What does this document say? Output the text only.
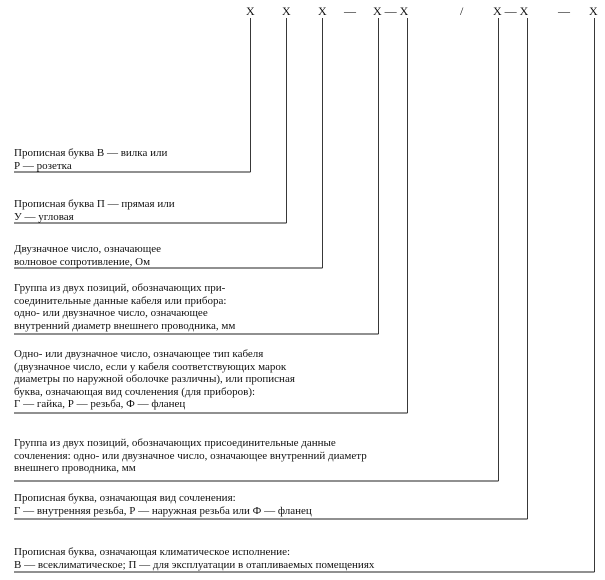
Х Х Х — Х — Х	/ Х — Х — Х
Прописная буква В — вилка или
Р — розетка
Прописная буква П — прямая или
У — угловая
Двузначное число, означающее
волновое сопротивление, Ом
Группа из двух позиций, обозначающих при-
соединительные данные кабеля или прибора:
одно- или двузначное число, означающее
внутренний диаметр внешнего проводника, мм
Одно- или двузначное число, означающее тип кабеля
(двузначное число, если у кабеля соответствующих марок
диаметры по наружной оболочке различны), или прописная
буква, означающая вид сочленения (для приборов):
Г — гайка, Р — резьба, Ф — фланец
Группа из двух позиций, обозначающих присоединительные данные
сочленения: одно- или двузначное число, означающее внутренний диаметр
внешнего проводника, мм
Прописная буква, означающая вид сочленения:
Г — внутренняя резьба, Р — наружная резьба или Ф — фланец
Прописная буква, означающая климатическое исполнение:
В — всеклиматическое; П — для эксплуатации в отапливаемых помещениях
